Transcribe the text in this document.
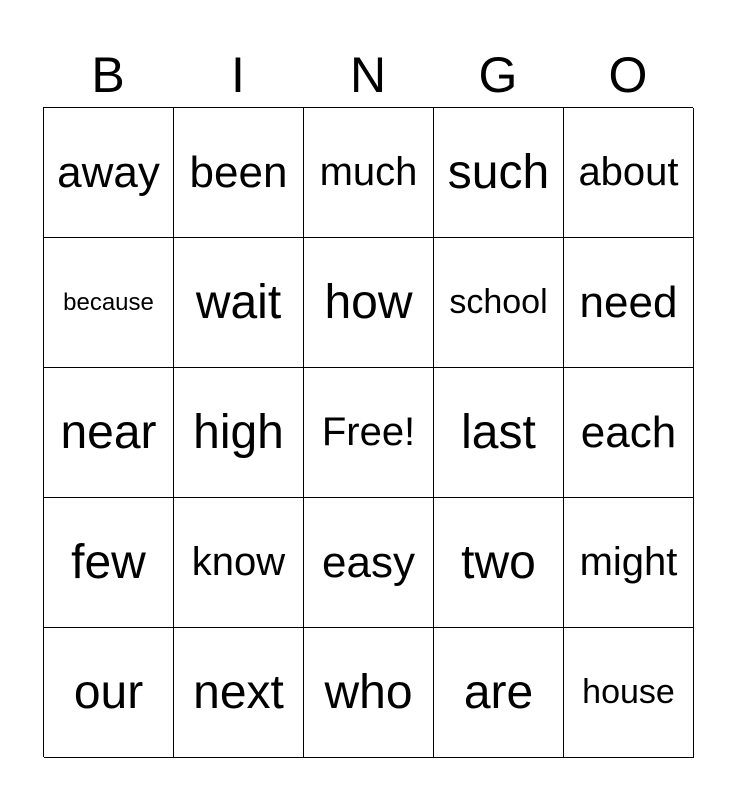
B	I	N	G	O
away been much such about
because wait how	school need
near high Free! last	each
few	know easy two	might
our	next who	are	house
